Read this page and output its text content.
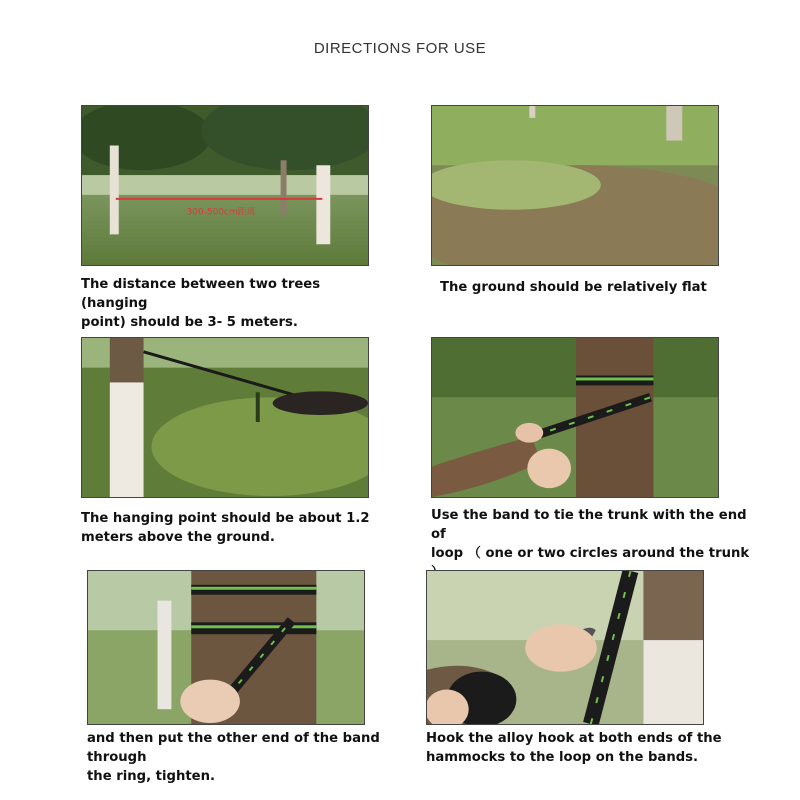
DIRECTIONS FOR USE
300-500cm距离
The distance between two trees (hanging
point) should be 3- 5 meters.
The ground should be relatively flat
The hanging point should be about 1.2
meters above the ground.
Use the band to tie the trunk with the end of
loop （ one or two circles around the trunk
and then put the other end of the band through
the ring, tighten.
Hook the alloy hook at both ends of the
hammocks to the loop on the bands.
